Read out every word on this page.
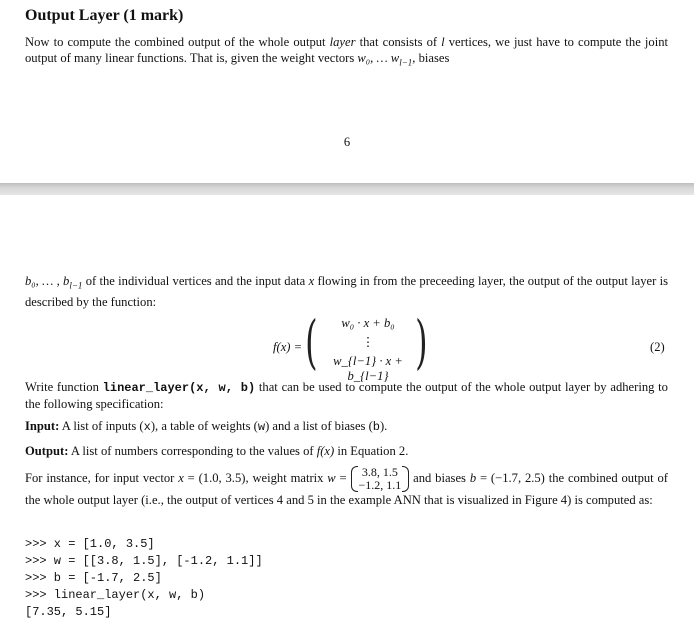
Output Layer (1 mark)
Now to compute the combined output of the whole output layer that consists of l vertices, we just have to compute the joint output of many linear functions. That is, given the weight vectors w₀, … $w_{l-1}$, biases
6
b₀, … , $b_{l-1}$ of the individual vertices and the input data x flowing in from the preceeding layer, the output of the output layer is described by the function:
f(x) = ( )
w₀ · x + b₀
⋮
w_{l−1} · x + b_{l−1}
(2)
Write function linear_layer(x, w, b) that can be used to compute the output of the whole output layer by adhering to the following specification:
Input: A list of inputs (x), a table of weights (w) and a list of biases (b).
Output: A list of numbers corresponding to the values of f(x) in Equation 2.
For instance, for input vector x = (1.0, 3.5), weight matrix w = 3.8, 1.5
−1.2, 1.1
and biases b = (−1.7, 2.5) the combined output of the whole output layer (i.e., the output of vertices 4 and 5 in the example ANN that is visualized in Figure 4) is computed as:
>>> x = [1.0, 3.5]
>>> w = [[3.8, 1.5], [-1.2, 1.1]]
>>> b = [-1.7, 2.5]
>>> linear_layer(x, w, b)
[7.35, 5.15]
